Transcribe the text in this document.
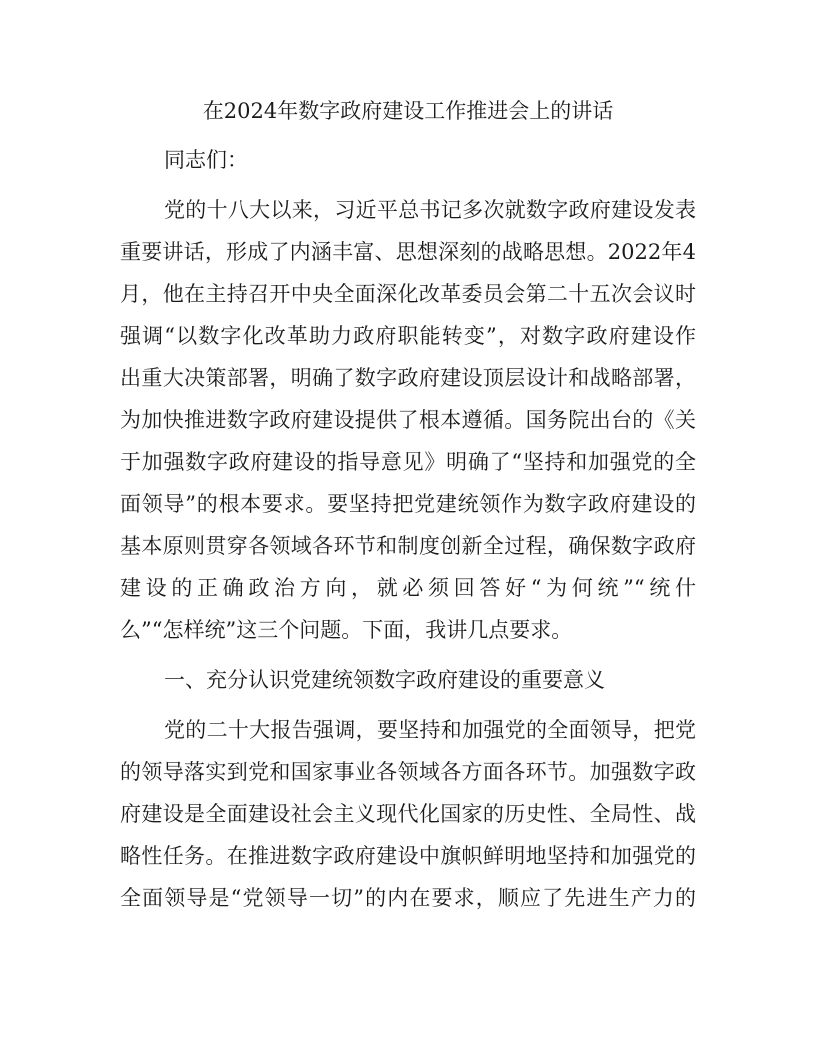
在2024年数字政府建设工作推进会上的讲话
同志们：
党的十八大以来，习近平总书记多次就数字政府建设发表
重要讲话，形成了内涵丰富、思想深刻的战略思想。2022年4
月，他在主持召开中央全面深化改革委员会第二十五次会议时
强调“以数字化改革助力政府职能转变”，对数字政府建设作
出重大决策部署，明确了数字政府建设顶层设计和战略部署，
为加快推进数字政府建设提供了根本遵循。国务院出台的《关
于加强数字政府建设的指导意见》明确了“坚持和加强党的全
面领导”的根本要求。要坚持把党建统领作为数字政府建设的
基本原则贯穿各领域各环节和制度创新全过程，确保数字政府
建设的正确政治方向，就必须回答好“为何统”“统什
么”“怎样统”这三个问题。下面，我讲几点要求。
一、充分认识党建统领数字政府建设的重要意义
党的二十大报告强调，要坚持和加强党的全面领导，把党
的领导落实到党和国家事业各领域各方面各环节。加强数字政
府建设是全面建设社会主义现代化国家的历史性、全局性、战
略性任务。在推进数字政府建设中旗帜鲜明地坚持和加强党的
全面领导是“党领导一切”的内在要求，顺应了先进生产力的
